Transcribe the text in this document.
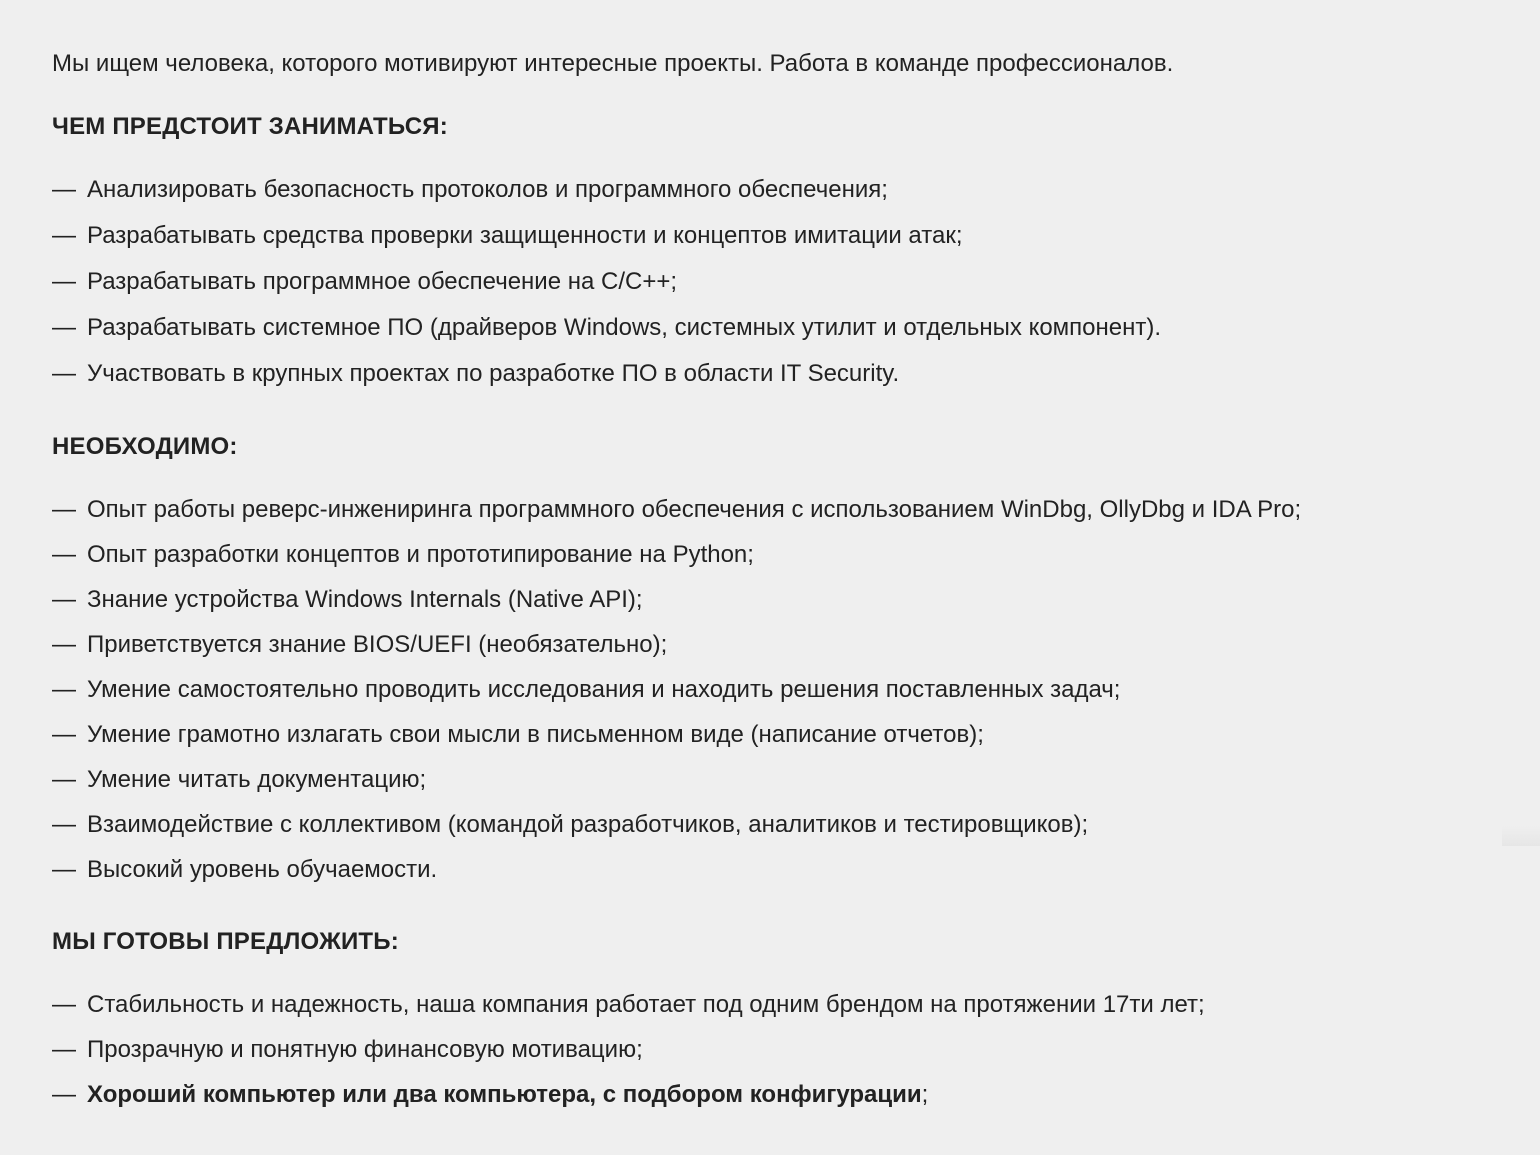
Мы ищем человека, которого мотивируют интересные проекты. Работа в команде профессионалов.

ЧЕМ ПРЕДСТОИТ ЗАНИМАТЬСЯ:
— Анализировать безопасность протоколов и программного обеспечения;
— Разрабатывать средства проверки защищенности и концептов имитации атак;
— Разрабатывать программное обеспечение на C/C++;
— Разрабатывать системное ПО (драйверов Windows, системных утилит и отдельных компонент).
— Участвовать в крупных проектах по разработке ПО в области IT Security.
НЕОБХОДИМО:
— Опыт работы реверс-инжениринга программного обеспечения с использованием WinDbg, OllyDbg и IDA Pro;
— Опыт разработки концептов и прототипирование на Python;
— Знание устройства Windows Internals (Native API);
— Приветствуется знание BIOS/UEFI (необязательно);
— Умение самостоятельно проводить исследования и находить решения поставленных задач;
— Умение грамотно излагать свои мысли в письменном виде (написание отчетов);
— Умение читать документацию;
— Взаимодействие с коллективом (командой разработчиков, аналитиков и тестировщиков);
— Высокий уровень обучаемости.
МЫ ГОТОВЫ ПРЕДЛОЖИТЬ:
— Стабильность и надежность, наша компания работает под одним брендом на протяжении 17ти лет;
— Прозрачную и понятную финансовую мотивацию;
— Хороший компьютер или два компьютера, с подбором конфигурации;
